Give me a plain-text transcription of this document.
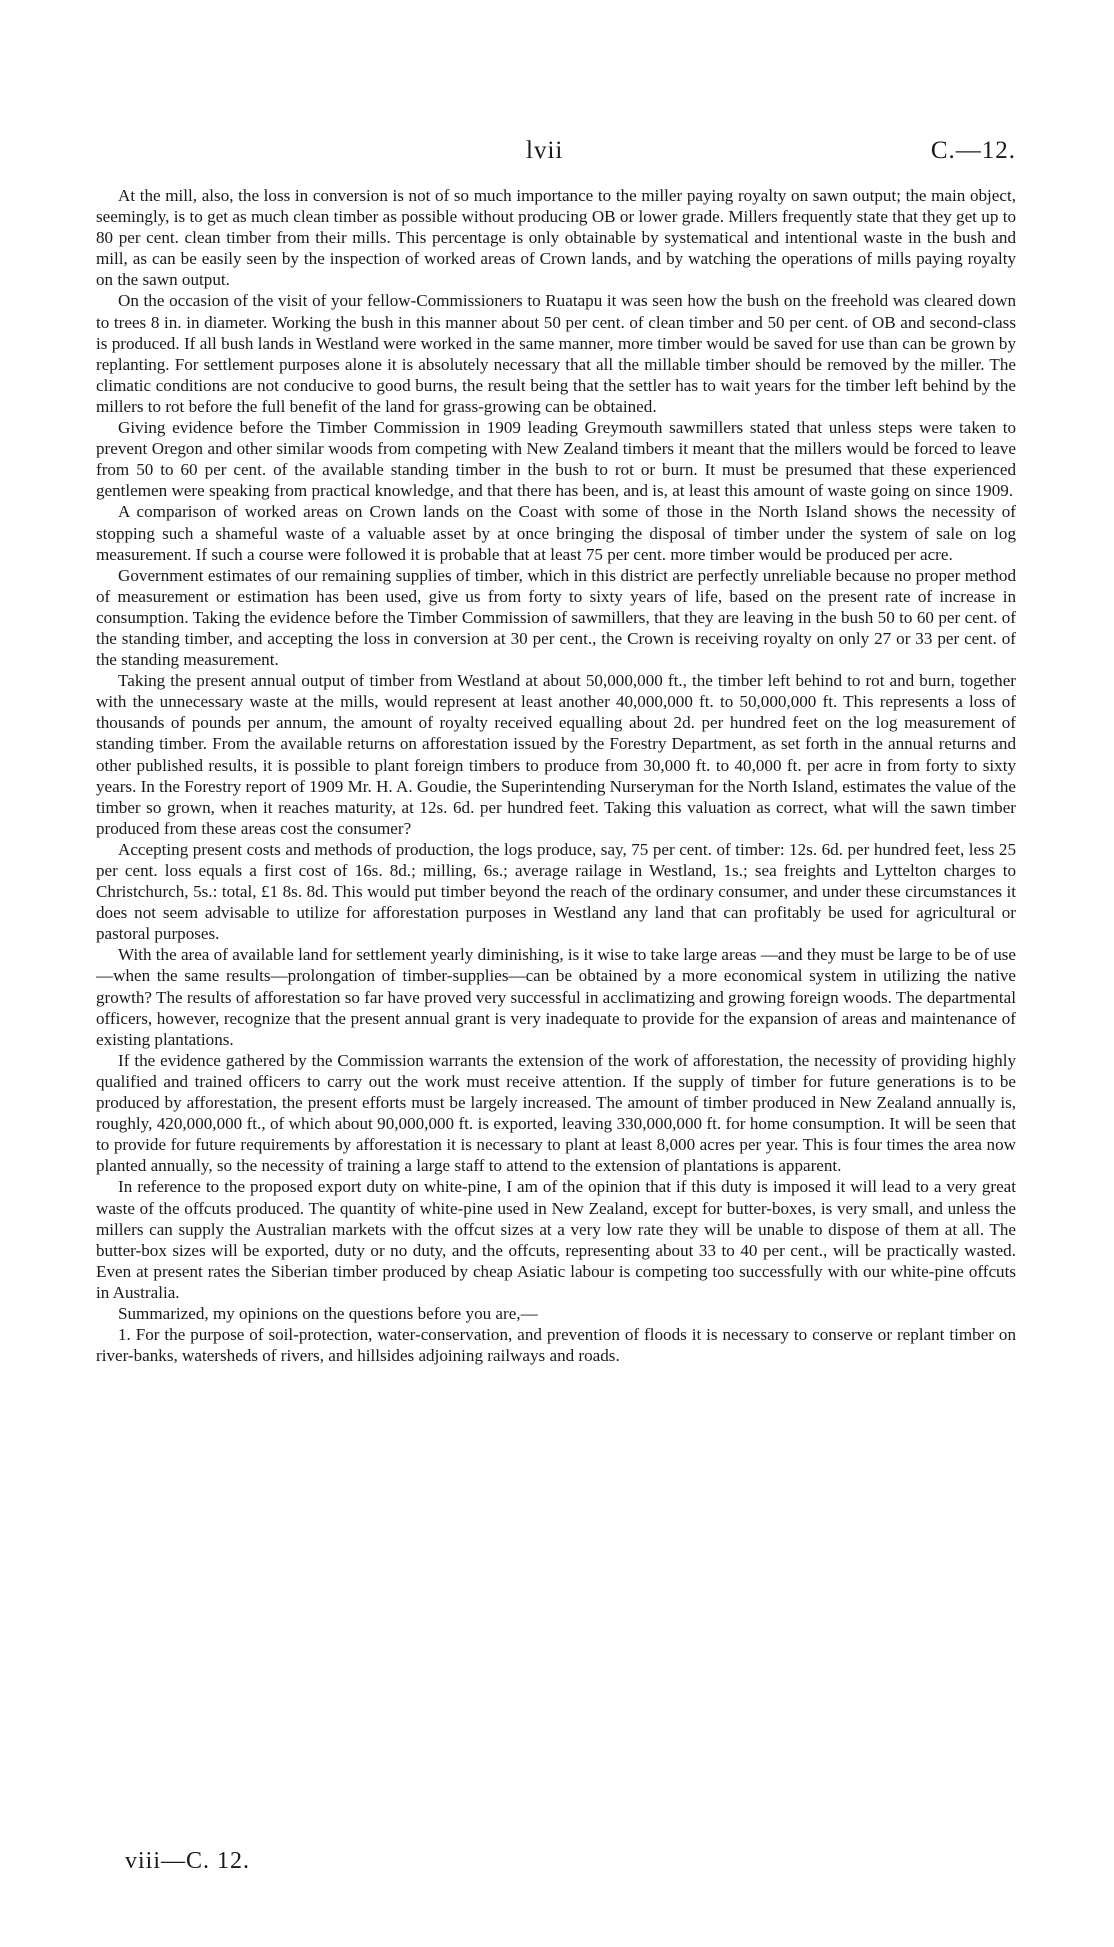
lvii	C.—12.

At the mill, also, the loss in conversion is not of so much importance to the miller paying royalty on sawn output; the main object, seemingly, is to get as much clean timber as possible without producing OB or lower grade. Millers frequently state that they get up to 80 per cent. clean timber from their mills. This percentage is only obtainable by systematical and intentional waste in the bush and mill, as can be easily seen by the inspection of worked areas of Crown lands, and by watching the operations of mills paying royalty on the sawn output.

On the occasion of the visit of your fellow-Commissioners to Ruatapu it was seen how the bush on the freehold was cleared down to trees 8 in. in diameter. Working the bush in this manner about 50 per cent. of clean timber and 50 per cent. of OB and second-class is produced. If all bush lands in Westland were worked in the same manner, more timber would be saved for use than can be grown by replanting. For settlement purposes alone it is absolutely necessary that all the millable timber should be removed by the miller. The climatic conditions are not conducive to good burns, the result being that the settler has to wait years for the timber left behind by the millers to rot before the full benefit of the land for grass-growing can be obtained.

Giving evidence before the Timber Commission in 1909 leading Greymouth sawmillers stated that unless steps were taken to prevent Oregon and other similar woods from competing with New Zealand timbers it meant that the millers would be forced to leave from 50 to 60 per cent. of the available standing timber in the bush to rot or burn. It must be presumed that these experienced gentlemen were speaking from practical knowledge, and that there has been, and is, at least this amount of waste going on since 1909.

A comparison of worked areas on Crown lands on the Coast with some of those in the North Island shows the necessity of stopping such a shameful waste of a valuable asset by at once bringing the disposal of timber under the system of sale on log measurement. If such a course were followed it is probable that at least 75 per cent. more timber would be produced per acre.

Government estimates of our remaining supplies of timber, which in this district are perfectly unreliable because no proper method of measurement or estimation has been used, give us from forty to sixty years of life, based on the present rate of increase in consumption. Taking the evidence before the Timber Commission of sawmillers, that they are leaving in the bush 50 to 60 per cent. of the standing timber, and accepting the loss in conversion at 30 per cent., the Crown is receiving royalty on only 27 or 33 per cent. of the standing measurement.

Taking the present annual output of timber from Westland at about 50,000,000 ft., the timber left behind to rot and burn, together with the unnecessary waste at the mills, would represent at least another 40,000,000 ft. to 50,000,000 ft. This represents a loss of thousands of pounds per annum, the amount of royalty received equalling about 2d. per hundred feet on the log measurement of standing timber. From the available returns on afforestation issued by the Forestry Department, as set forth in the annual returns and other published results, it is possible to plant foreign timbers to produce from 30,000 ft. to 40,000 ft. per acre in from forty to sixty years. In the Forestry report of 1909 Mr. H. A. Goudie, the Superintending Nurseryman for the North Island, estimates the value of the timber so grown, when it reaches maturity, at 12s. 6d. per hundred feet. Taking this valuation as correct, what will the sawn timber produced from these areas cost the consumer?

Accepting present costs and methods of production, the logs produce, say, 75 per cent. of timber: 12s. 6d. per hundred feet, less 25 per cent. loss equals a first cost of 16s. 8d.; milling, 6s.; average railage in Westland, 1s.; sea freights and Lyttelton charges to Christchurch, 5s.: total, £1 8s. 8d. This would put timber beyond the reach of the ordinary consumer, and under these circumstances it does not seem advisable to utilize for afforestation purposes in Westland any land that can profitably be used for agricultural or pastoral purposes.

With the area of available land for settlement yearly diminishing, is it wise to take large areas —and they must be large to be of use—when the same results—prolongation of timber-supplies—can be obtained by a more economical system in utilizing the native growth? The results of afforestation so far have proved very successful in acclimatizing and growing foreign woods. The departmental officers, however, recognize that the present annual grant is very inadequate to provide for the expansion of areas and maintenance of existing plantations.

If the evidence gathered by the Commission warrants the extension of the work of afforestation, the necessity of providing highly qualified and trained officers to carry out the work must receive attention. If the supply of timber for future generations is to be produced by afforestation, the present efforts must be largely increased. The amount of timber produced in New Zealand annually is, roughly, 420,000,000 ft., of which about 90,000,000 ft. is exported, leaving 330,000,000 ft. for home consumption. It will be seen that to provide for future requirements by afforestation it is necessary to plant at least 8,000 acres per year. This is four times the area now planted annually, so the necessity of training a large staff to attend to the extension of plantations is apparent.

In reference to the proposed export duty on white-pine, I am of the opinion that if this duty is imposed it will lead to a very great waste of the offcuts produced. The quantity of white-pine used in New Zealand, except for butter-boxes, is very small, and unless the millers can supply the Australian markets with the offcut sizes at a very low rate they will be unable to dispose of them at all. The butter-box sizes will be exported, duty or no duty, and the offcuts, representing about 33 to 40 per cent., will be practically wasted. Even at present rates the Siberian timber produced by cheap Asiatic labour is competing too successfully with our white-pine offcuts in Australia.

Summarized, my opinions on the questions before you are,—

1. For the purpose of soil-protection, water-conservation, and prevention of floods it is necessary to conserve or replant timber on river-banks, watersheds of rivers, and hillsides adjoining railways and roads.

viii—C. 12.
